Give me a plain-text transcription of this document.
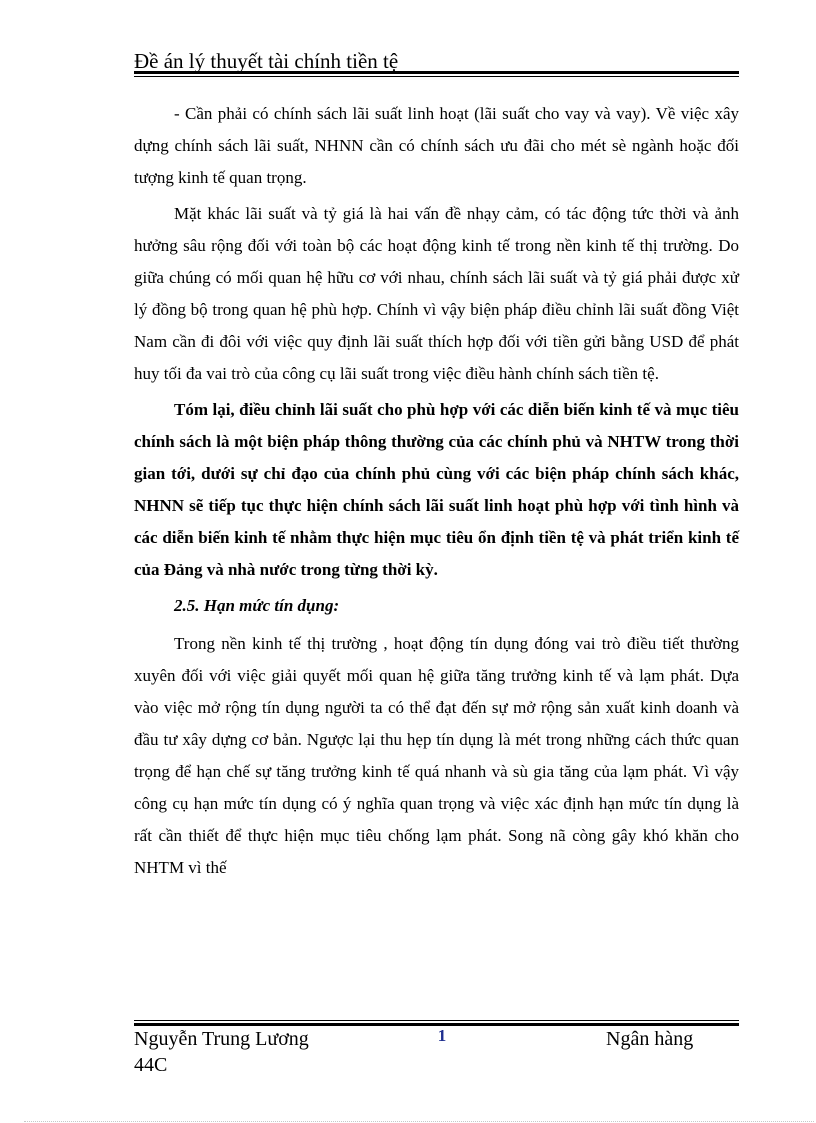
Đề án lý thuyết tài chính tiền tệ

- Cần phải có chính sách lãi suất linh hoạt (lãi suất cho vay và vay). Về việc xây dựng chính sách lãi suất, NHNN cần có chính sách ưu đãi cho mét sè ngành hoặc đối tượng kinh tế quan trọng.

Mặt khác lãi suất và tỷ giá là hai vấn đề nhạy cảm, có tác động tức thời và ảnh hưởng sâu rộng đối với toàn bộ các hoạt động kinh tế trong nền kinh tế thị trường. Do giữa chúng có mối quan hệ hữu cơ với nhau, chính sách lãi suất và tỷ giá phải được xử lý đồng bộ trong quan hệ phù hợp. Chính vì vậy biện pháp điều chỉnh lãi suất đồng Việt Nam cần đi đôi với việc quy định lãi suất thích hợp đối với tiền gửi bằng USD để phát huy tối đa vai trò của công cụ lãi suất trong việc điều hành chính sách tiền tệ.

Tóm lại, điều chỉnh lãi suất cho phù hợp với các diễn biến kinh tế và mục tiêu chính sách là một biện pháp thông thường của các chính phủ và NHTW trong thời gian tới, dưới sự chỉ đạo của chính phủ cùng với các biện pháp chính sách khác, NHNN sẽ tiếp tục thực hiện chính sách lãi suất linh hoạt phù hợp với tình hình và các diễn biến kinh tế nhằm thực hiện mục tiêu ổn định tiền tệ và phát triển kinh tế của Đảng và nhà nước trong từng thời kỳ.

2.5. Hạn mức tín dụng:

Trong nền kinh tế thị trường , hoạt động tín dụng đóng vai trò điều tiết thường xuyên đối với việc giải quyết mối quan hệ giữa tăng trưởng kinh tế và lạm phát. Dựa vào việc mở rộng tín dụng người ta có thể đạt đến sự mở rộng sản xuất kinh doanh và đầu tư xây dựng cơ bản. Ngược lại thu hẹp tín dụng là mét trong những cách thức quan trọng để hạn chế sự tăng trưởng kinh tế quá nhanh và sù gia tăng của lạm phát. Vì vậy công cụ hạn mức tín dụng có ý nghĩa quan trọng và việc xác định hạn mức tín dụng là rất cần thiết để thực hiện mục tiêu chống lạm phát. Song nã còng gây khó khăn cho NHTM vì thế

Nguyễn Trung Lương 44C
1	Ngân hàng
